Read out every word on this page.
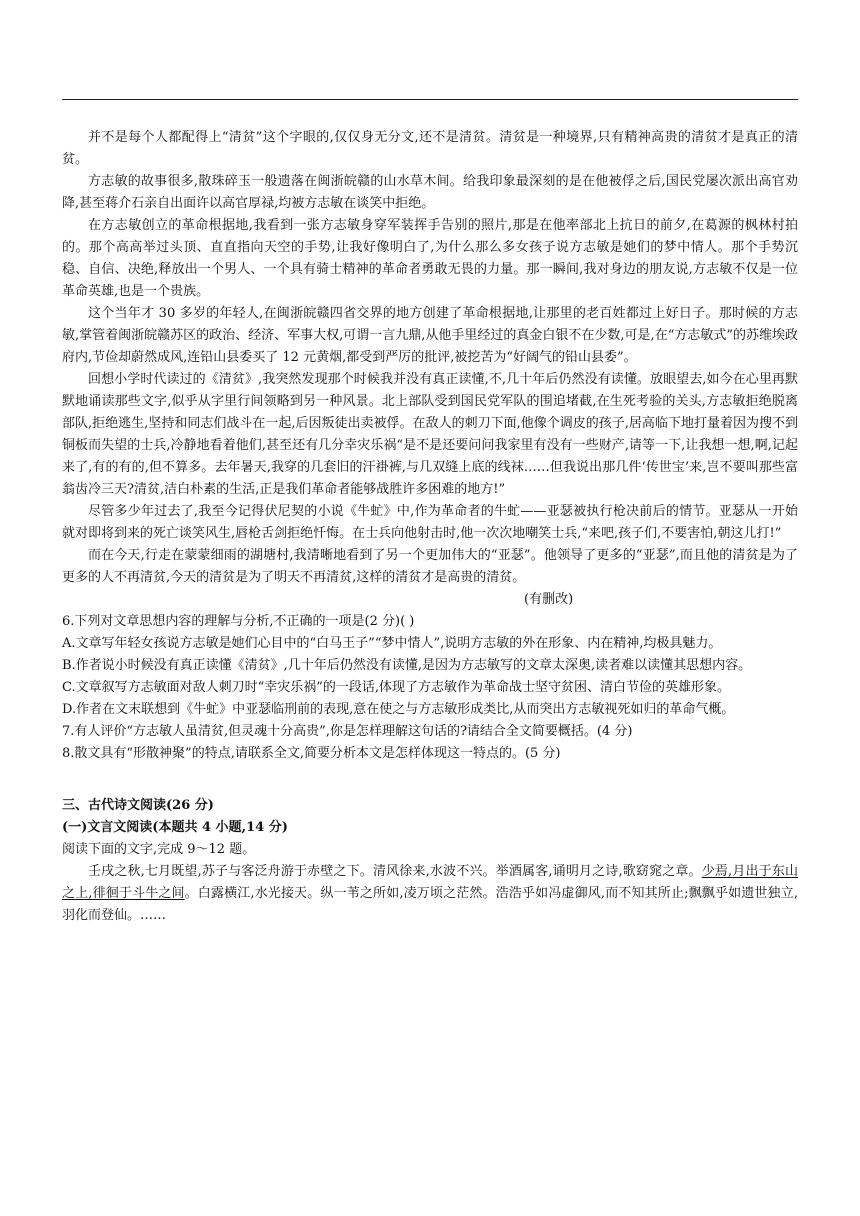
并不是每个人都配得上“清贫”这个字眼的,仅仅身无分文,还不是清贫。清贫是一种境界,只有精神高贵的清贫才是真正的清贫。

方志敏的故事很多,散珠碎玉一般遗落在闽浙皖赣的山水草木间。给我印象最深刻的是在他被俘之后,国民党屡次派出高官劝降,甚至蒋介石亲自出面许以高官厚禄,均被方志敏在谈笑中拒绝。

在方志敏创立的革命根据地,我看到一张方志敏身穿军装挥手告别的照片,那是在他率部北上抗日的前夕,在葛源的枫林村拍的。那个高高举过头顶、直直指向天空的手势,让我好像明白了,为什么那么多女孩子说方志敏是她们的梦中情人。那个手势沉稳、自信、决绝,释放出一个男人、一个具有骑士精神的革命者勇敢无畏的力量。那一瞬间,我对身边的朋友说,方志敏不仅是一位革命英雄,也是一个贵族。

这个当年才 30 多岁的年轻人,在闽浙皖赣四省交界的地方创建了革命根据地,让那里的老百姓都过上好日子。那时候的方志敏,掌管着闽浙皖赣苏区的政治、经济、军事大权,可谓一言九鼎,从他手里经过的真金白银不在少数,可是,在“方志敏式”的苏维埃政府内,节俭却蔚然成风,连铅山县委买了 12 元黄烟,都受到严厉的批评,被挖苦为“好阔气的铅山县委”。

回想小学时代读过的《清贫》,我突然发现那个时候我并没有真正读懂,不,几十年后仍然没有读懂。放眼望去,如今在心里再默默地诵读那些文字,似乎从字里行间领略到另一种风景。北上部队受到国民党军队的围追堵截,在生死考验的关头,方志敏拒绝脱离部队,拒绝逃生,坚持和同志们战斗在一起,后因叛徒出卖被俘。在敌人的刺刀下面,他像个调皮的孩子,居高临下地打量着因为搜不到铜板而失望的士兵,冷静地看着他们,甚至还有几分幸灾乐祸“是不是还要问问我家里有没有一些财产,请等一下,让我想一想,啊,记起来了,有的有的,但不算多。去年暑天,我穿的几套旧的汗褂裤,与几双缝上底的线袜……但我说出那几件‘传世宝’来,岂不要叫那些富翁齿冷三天?清贫,洁白朴素的生活,正是我们革命者能够战胜许多困难的地方!”

尽管多少年过去了,我至今记得伏尼契的小说《牛虻》中,作为革命者的牛虻——亚瑟被执行枪决前后的情节。亚瑟从一开始就对即将到来的死亡谈笑风生,唇枪舌剑拒绝忏悔。在士兵向他射击时,他一次次地嘲笑士兵,“来吧,孩子们,不要害怕,朝这儿打!”

而在今天,行走在蒙蒙细雨的湖塘村,我清晰地看到了另一个更加伟大的“亚瑟”。他领导了更多的“亚瑟”,而且他的清贫是为了更多的人不再清贫,今天的清贫是为了明天不再清贫,这样的清贫才是高贵的清贫。

(有删改)

6.下列对文章思想内容的理解与分析,不正确的一项是(2 分)( )

A.文章写年轻女孩说方志敏是她们心目中的“白马王子”“梦中情人”,说明方志敏的外在形象、内在精神,均极具魅力。

B.作者说小时候没有真正读懂《清贫》,几十年后仍然没有读懂,是因为方志敏写的文章太深奥,读者难以读懂其思想内容。

C.文章叙写方志敏面对敌人刺刀时“幸灾乐祸”的一段话,体现了方志敏作为革命战士坚守贫困、清白节俭的英雄形象。

D.作者在文末联想到《牛虻》中亚瑟临刑前的表现,意在使之与方志敏形成类比,从而突出方志敏视死如归的革命气概。

7.有人评价“方志敏人虽清贫,但灵魂十分高贵”,你是怎样理解这句话的?请结合全文简要概括。(4 分)

8.散文具有“形散神聚”的特点,请联系全文,简要分析本文是怎样体现这一特点的。(5 分)

三、古代诗文阅读(26 分)

(一)文言文阅读(本题共 4 小题,14 分)

阅读下面的文字,完成 9～12 题。

壬戌之秋,七月既望,苏子与客泛舟游于赤壁之下。清风徐来,水波不兴。举酒属客,诵明月之诗,歌窈窕之章。少焉,月出于东山之上,徘徊于斗牛之间。白露横江,水光接天。纵一苇之所如,凌万顷之茫然。浩浩乎如冯虚御风,而不知其所止;飘飘乎如遗世独立,羽化而登仙。……
